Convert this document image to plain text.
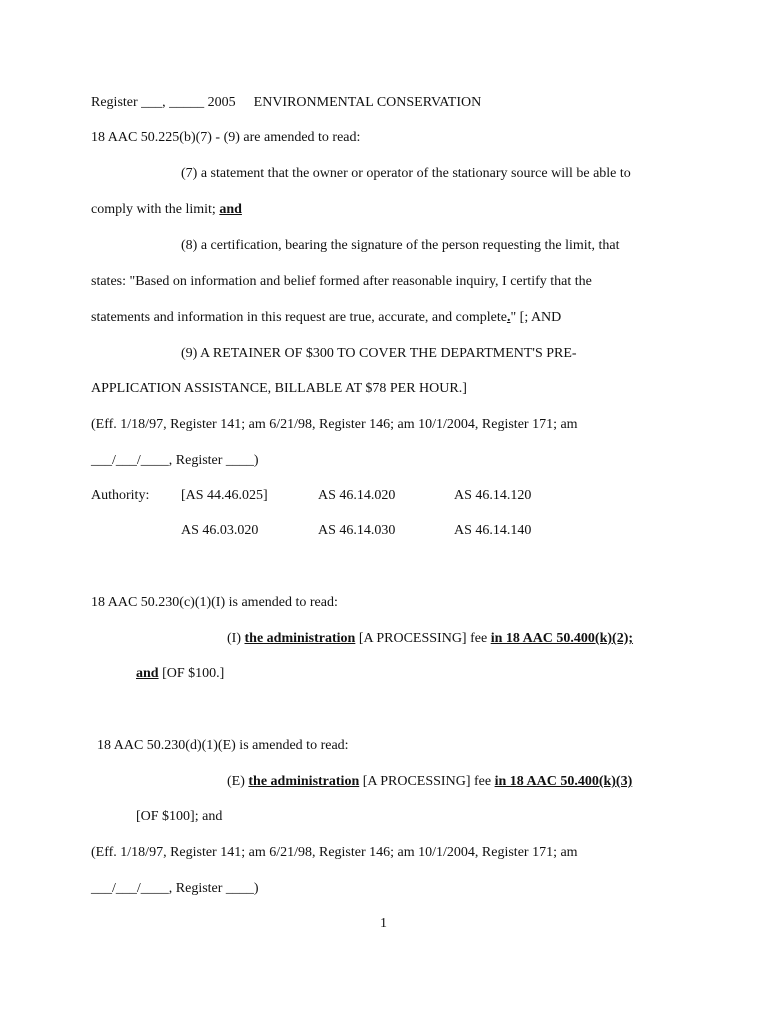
Register ___, _____ 2005 ENVIRONMENTAL CONSERVATION
18 AAC 50.225(b)(7) - (9) are amended to read:
(7) a statement that the owner or operator of the stationary source will be able to
comply with the limit; and
(8) a certification, bearing the signature of the person requesting the limit, that
states: "Based on information and belief formed after reasonable inquiry, I certify that the
statements and information in this request are true, accurate, and complete." [; AND
(9) A RETAINER OF $300 TO COVER THE DEPARTMENT'S PRE-
APPLICATION ASSISTANCE, BILLABLE AT $78 PER HOUR.]
(Eff. 1/18/97, Register 141; am 6/21/98, Register 146; am 10/1/2004, Register 171; am
___/___/____, Register ____)
Authority: [AS 44.46.025]	AS 46.14.020	AS 46.14.120
AS 46.03.020	AS 46.14.030	AS 46.14.140
18 AAC 50.230(c)(1)(I) is amended to read:
(I) the administration [A PROCESSING] fee in 18 AAC 50.400(k)(2);
and [OF $100.]
18 AAC 50.230(d)(1)(E) is amended to read:
(E) the administration [A PROCESSING] fee in 18 AAC 50.400(k)(3)
[OF $100]; and
(Eff. 1/18/97, Register 141; am 6/21/98, Register 146; am 10/1/2004, Register 171; am
___/___/____, Register ____)
1
